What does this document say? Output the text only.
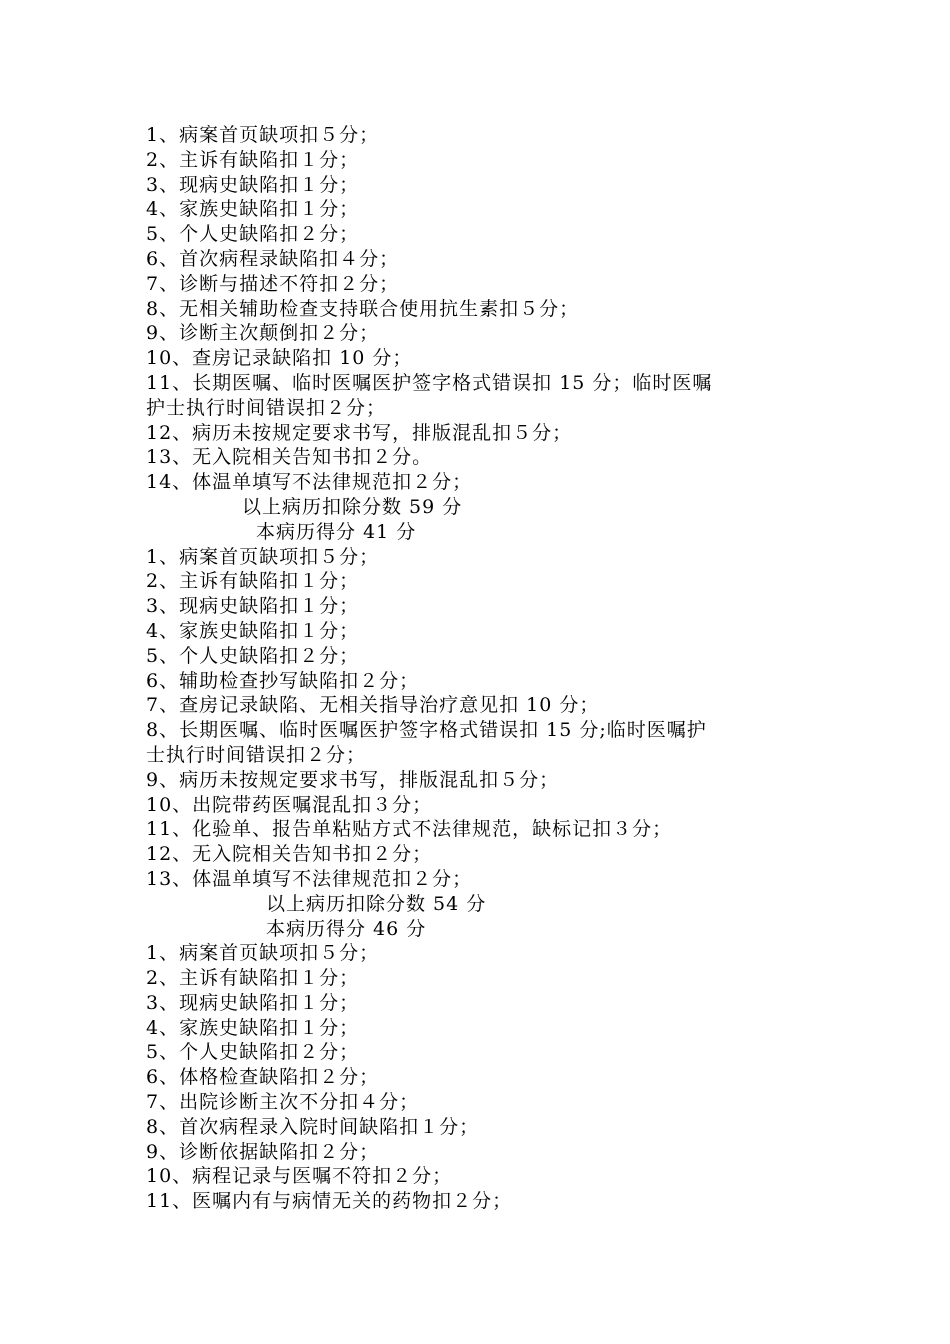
1、病案首页缺项扣５分；
2、主诉有缺陷扣１分；
3、现病史缺陷扣１分；
4、家族史缺陷扣１分；
5、个人史缺陷扣２分；
6、首次病程录缺陷扣４分；
7、诊断与描述不符扣２分；
8、无相关辅助检查支持联合使用抗生素扣５分；
9、诊断主次颠倒扣２分；
10、查房记录缺陷扣 10 分；
11、长期医嘱、临时医嘱医护签字格式错误扣 15 分；临时医嘱
护士执行时间错误扣２分；
12、病历未按规定要求书写，排版混乱扣５分；
13、无入院相关告知书扣２分。
14、体温单填写不法律规范扣２分；
以上病历扣除分数 59 分
本病历得分 41 分
1、病案首页缺项扣５分；
2、主诉有缺陷扣１分；
3、现病史缺陷扣１分；
4、家族史缺陷扣１分；
5、个人史缺陷扣２分；
6、辅助检查抄写缺陷扣２分；
7、查房记录缺陷、无相关指导治疗意见扣 10 分；
8、长期医嘱、临时医嘱医护签字格式错误扣 15 分;临时医嘱护
士执行时间错误扣２分；
9、病历未按规定要求书写，排版混乱扣５分；
10、出院带药医嘱混乱扣３分；
11、化验单、报告单粘贴方式不法律规范，缺标记扣３分；
12、无入院相关告知书扣２分；
13、体温单填写不法律规范扣２分；
以上病历扣除分数 54 分
本病历得分 46 分
1、病案首页缺项扣５分；
2、主诉有缺陷扣１分；
3、现病史缺陷扣１分；
4、家族史缺陷扣１分；
5、个人史缺陷扣２分；
6、体格检查缺陷扣２分；
7、出院诊断主次不分扣４分；
8、首次病程录入院时间缺陷扣１分；
9、诊断依据缺陷扣２分；
10、病程记录与医嘱不符扣２分；
11、医嘱内有与病情无关的药物扣２分；
